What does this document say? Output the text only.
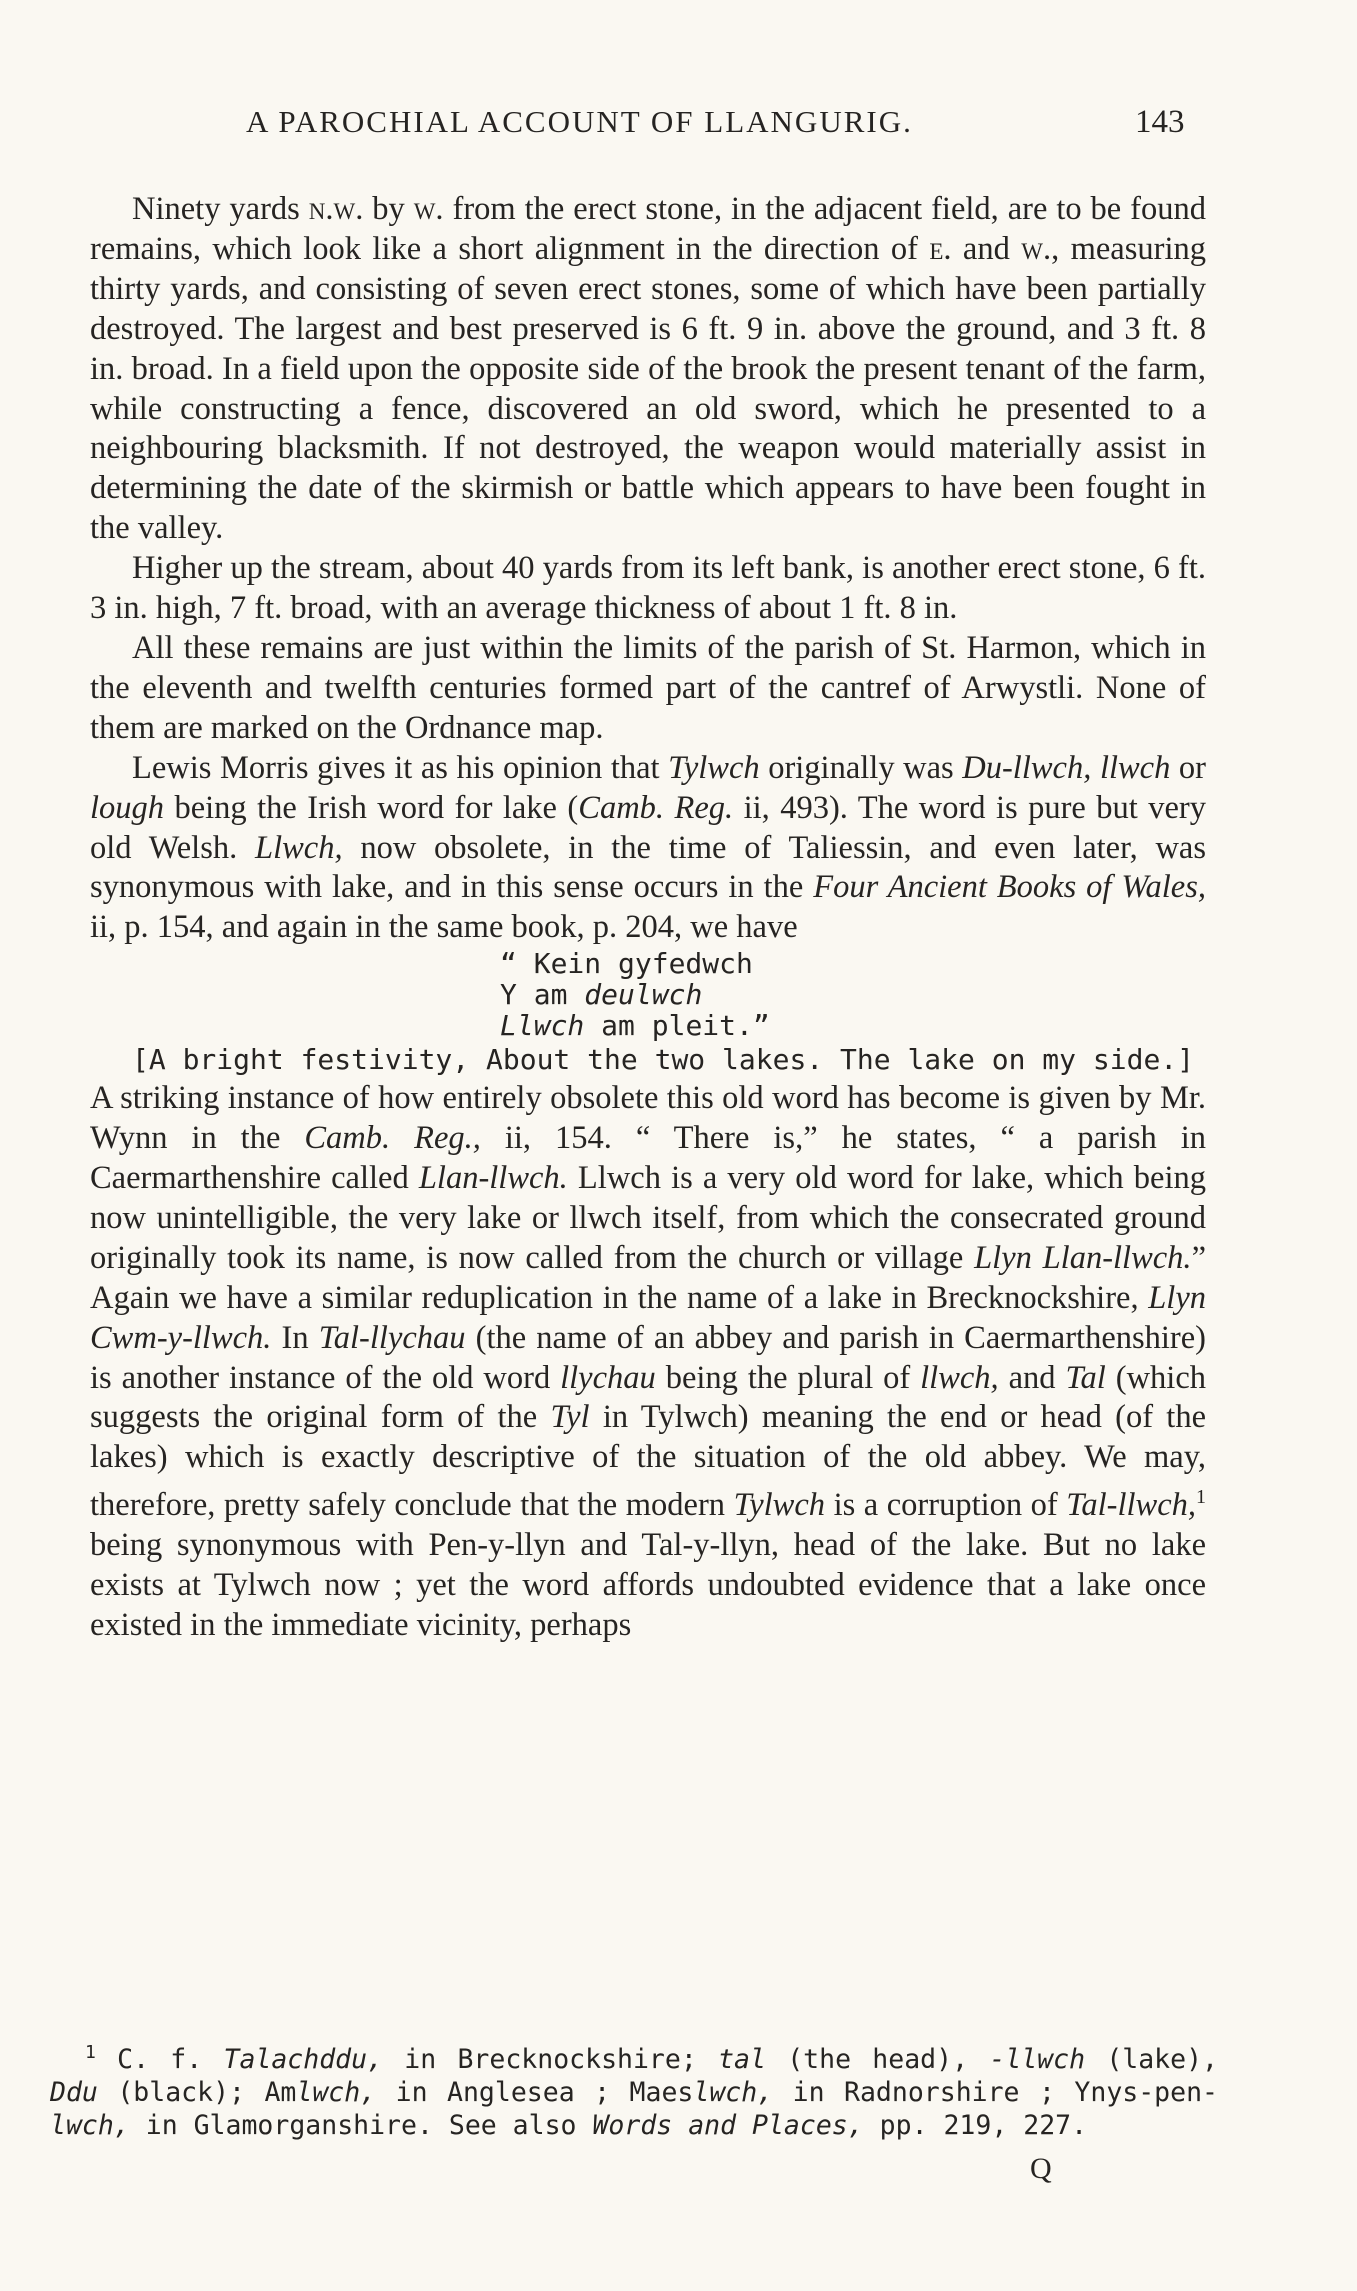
A PAROCHIAL ACCOUNT OF LLANGURIG.	143

Ninety yards n.w. by w. from the erect stone, in the adjacent field, are to be found remains, which look like a short alignment in the direction of e. and w., measuring thirty yards, and consisting of seven erect stones, some of which have been partially destroyed. The largest and best preserved is 6 ft. 9 in. above the ground, and 3 ft. 8 in. broad. In a field upon the opposite side of the brook the present tenant of the farm, while constructing a fence, discovered an old sword, which he presented to a neighbouring blacksmith. If not destroyed, the weapon would materially assist in determining the date of the skirmish or battle which appears to have been fought in the valley.

Higher up the stream, about 40 yards from its left bank, is another erect stone, 6 ft. 3 in. high, 7 ft. broad, with an average thickness of about 1 ft. 8 in.

All these remains are just within the limits of the parish of St. Harmon, which in the eleventh and twelfth centuries formed part of the cantref of Arwystli. None of them are marked on the Ordnance map.

Lewis Morris gives it as his opinion that Tylwch originally was Du-llwch, llwch or lough being the Irish word for lake (Camb. Reg. ii, 493). The word is pure but very old Welsh. Llwch, now obsolete, in the time of Taliessin, and even later, was synonymous with lake, and in this sense occurs in the Four Ancient Books of Wales, ii, p. 154, and again in the same book, p. 204, we have

“ Kein gyfedwch
Y am deulwch
Llwch am pleit.”

[A bright festivity, About the two lakes. The lake on my side.]

A striking instance of how entirely obsolete this old word has become is given by Mr. Wynn in the Camb. Reg., ii, 154. “ There is,” he states, “ a parish in Caermarthenshire called Llan-llwch. Llwch is a very old word for lake, which being now unintelligible, the very lake or llwch itself, from which the consecrated ground originally took its name, is now called from the church or village Llyn Llan-llwch.” Again we have a similar reduplication in the name of a lake in Brecknockshire, Llyn Cwm-y-llwch. In Tal-llychau (the name of an abbey and parish in Caermarthenshire) is another instance of the old word llychau being the plural of llwch, and Tal (which suggests the original form of the Tyl in Tylwch) meaning the end or head (of the lakes) which is exactly descriptive of the situation of the old abbey. We may, therefore, pretty safely conclude that the modern Tylwch is a corruption of Tal-llwch,$^1$ being synonymous with Pen-y-llyn and Tal-y-llyn, head of the lake. But no lake exists at Tylwch now ; yet the word affords undoubted evidence that a lake once existed in the immediate vicinity, perhaps

$^1$ C. f. Talachddu, in Brecknockshire; tal (the head), -llwch (lake), Ddu (black); Amlwch, in Anglesea ; Maeslwch, in Radnorshire ; Ynys-pen-lwch, in Glamorganshire. See also Words and Places, pp. 219, 227.

Q
